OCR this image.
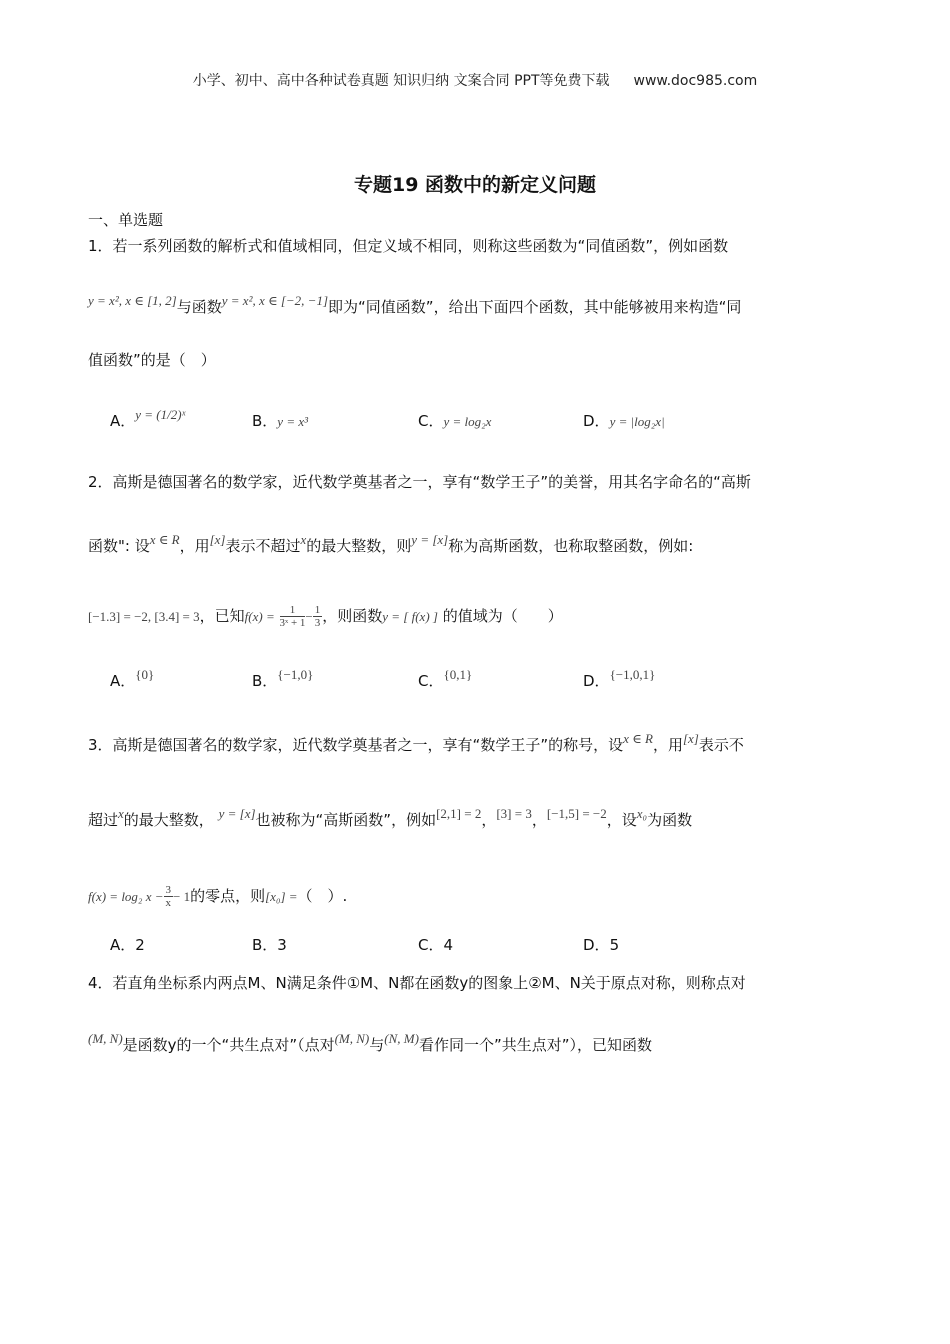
小学、初中、高中各种试卷真题 知识归纳 文案合同 PPT等免费下载 www.doc985.com
专题19 函数中的新定义问题
一、单选题
1．若一系列函数的解析式和值域相同，但定义域不相同，则称这些函数为“同值函数”，例如函数
y = x², x ∈ [1, 2]与函数y = x², x ∈ [−2, −1]即为“同值函数”，给出下面四个函数，其中能够被用来构造“同
值函数”的是（　）
A．y = (1/2)ˣ	B．y = x³	C．y = log₂x	D．y = |log₂x|
2．高斯是德国著名的数学家，近代数学奠基者之一，享有“数学王子”的美誉，用其名字命名的“高斯
函数": 设x ∈ R，用[x]表示不超过x的最大整数，则y = [x]称为高斯函数，也称取整函数，例如:
[−1.3] = −2, [3.4] = 3，已知$f(x) = \frac{1}{\text{3ˣ + 1}} - \frac{1}{3}$ ，则函数y = [ f(x) ] 的值域为（　　）
A．{0}	B．{−1,0}	C．{0,1}	D．{−1,0,1}
3．高斯是德国著名的数学家，近代数学奠基者之一，享有“数学王子”的称号，设x ∈ R，用[x]表示不
超过x的最大整数， y = [x]也被称为“高斯函数”，例如[2,1] = 2，[3] = 3，[−1,5] = −2，设x₀为函数
f(x) = log₂ $x - \frac{3}{x} - 1$的零点，则[x₀] =（　）.
A．2	B．3	C．4	D．5
4．若直角坐标系内两点M、N满足条件①M、N都在函数y的图象上②M、N关于原点对称，则称点对
(M, N)是函数y的一个“共生点对”（点对(M, N)与(N, M)看作同一个”共生点对”），已知函数
